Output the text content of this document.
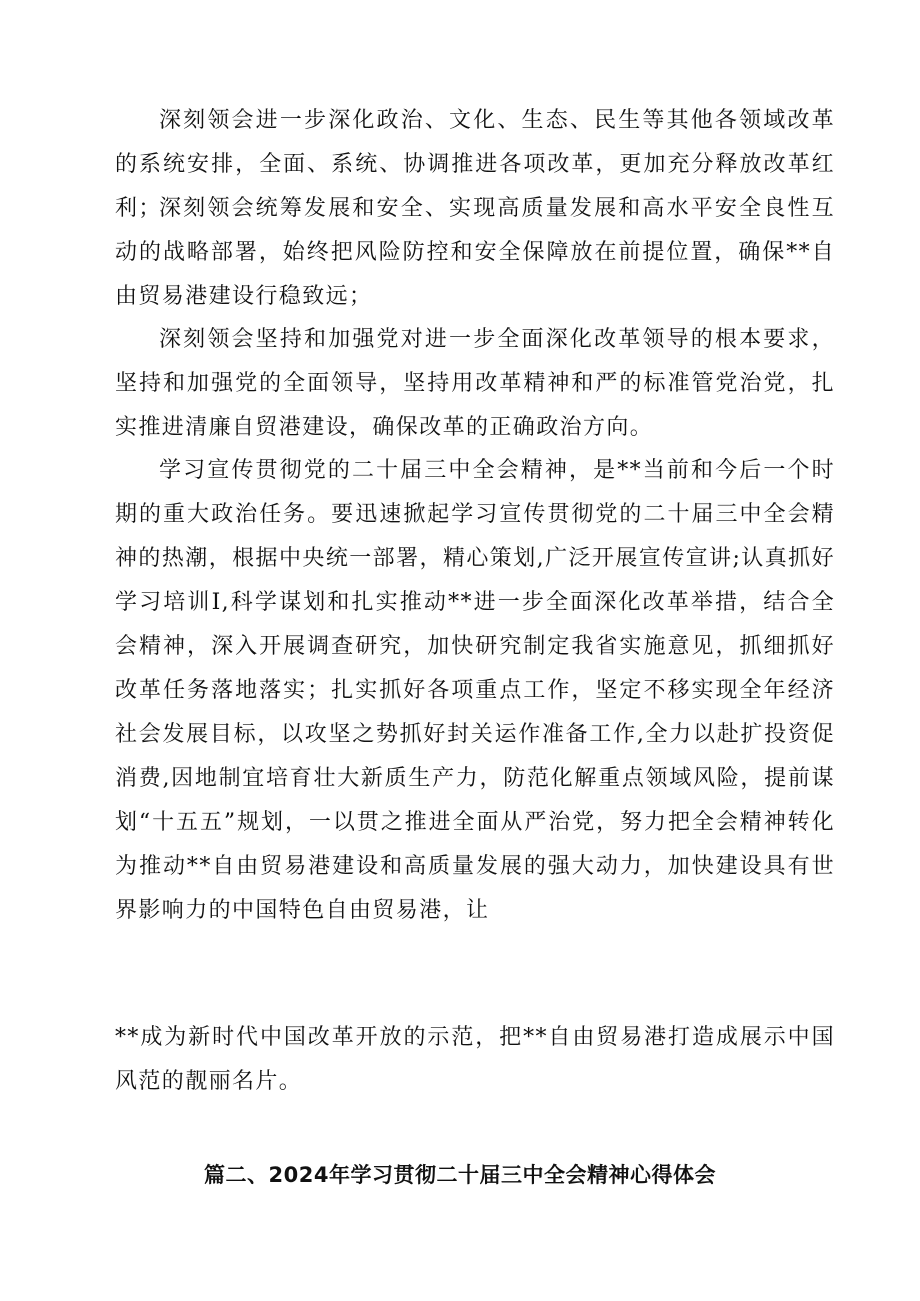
深刻领会进一步深化政治、文化、生态、民生等其他各领域改革的系统安排，全面、系统、协调推进各项改革，更加充分释放改革红利；

深刻领会统筹发展和安全、实现高质量发展和高水平安全良性互动的战略部署，始终把风险防控和安全保障放在前提位置，确保**自由贸易港建设行稳致远；

深刻领会坚持和加强党对进一步全面深化改革领导的根本要求，坚持和加强党的全面领导，坚持用改革精神和严的标准管党治党，扎实推进清廉自贸港建设，确保改革的正确政治方向。

学习宣传贯彻党的二十届三中全会精神，是**当前和今后一个时期的重大政治任务。要迅速掀起学习宣传贯彻党的二十届三中全会精神的热潮，根据中央统一部署，精心策划,广泛开展宣传宣讲;认真抓好学习培训I,科学谋划和扎实推动**进一步全面深化改革举措，结合全会精神，深入开展调查研究，加快研究制定我省实施意见，抓细抓好改革任务落地落实；扎实抓好各项重点工作，坚定不移实现全年经济社会发展目标，以攻坚之势抓好封关运作准备工作,全力以赴扩投资促消费,因地制宜培育壮大新质生产力，防范化解重点领域风险，提前谋划“十五五”规划，一以贯之推进全面从严治党，努力把全会精神转化为推动**自由贸易港建设和高质量发展的强大动力，加快建设具有世界影响力的中国特色自由贸易港，让

**成为新时代中国改革开放的示范，把**自由贸易港打造成展示中国风范的靓丽名片。

篇二、2024年学习贯彻二十届三中全会精神心得体会
